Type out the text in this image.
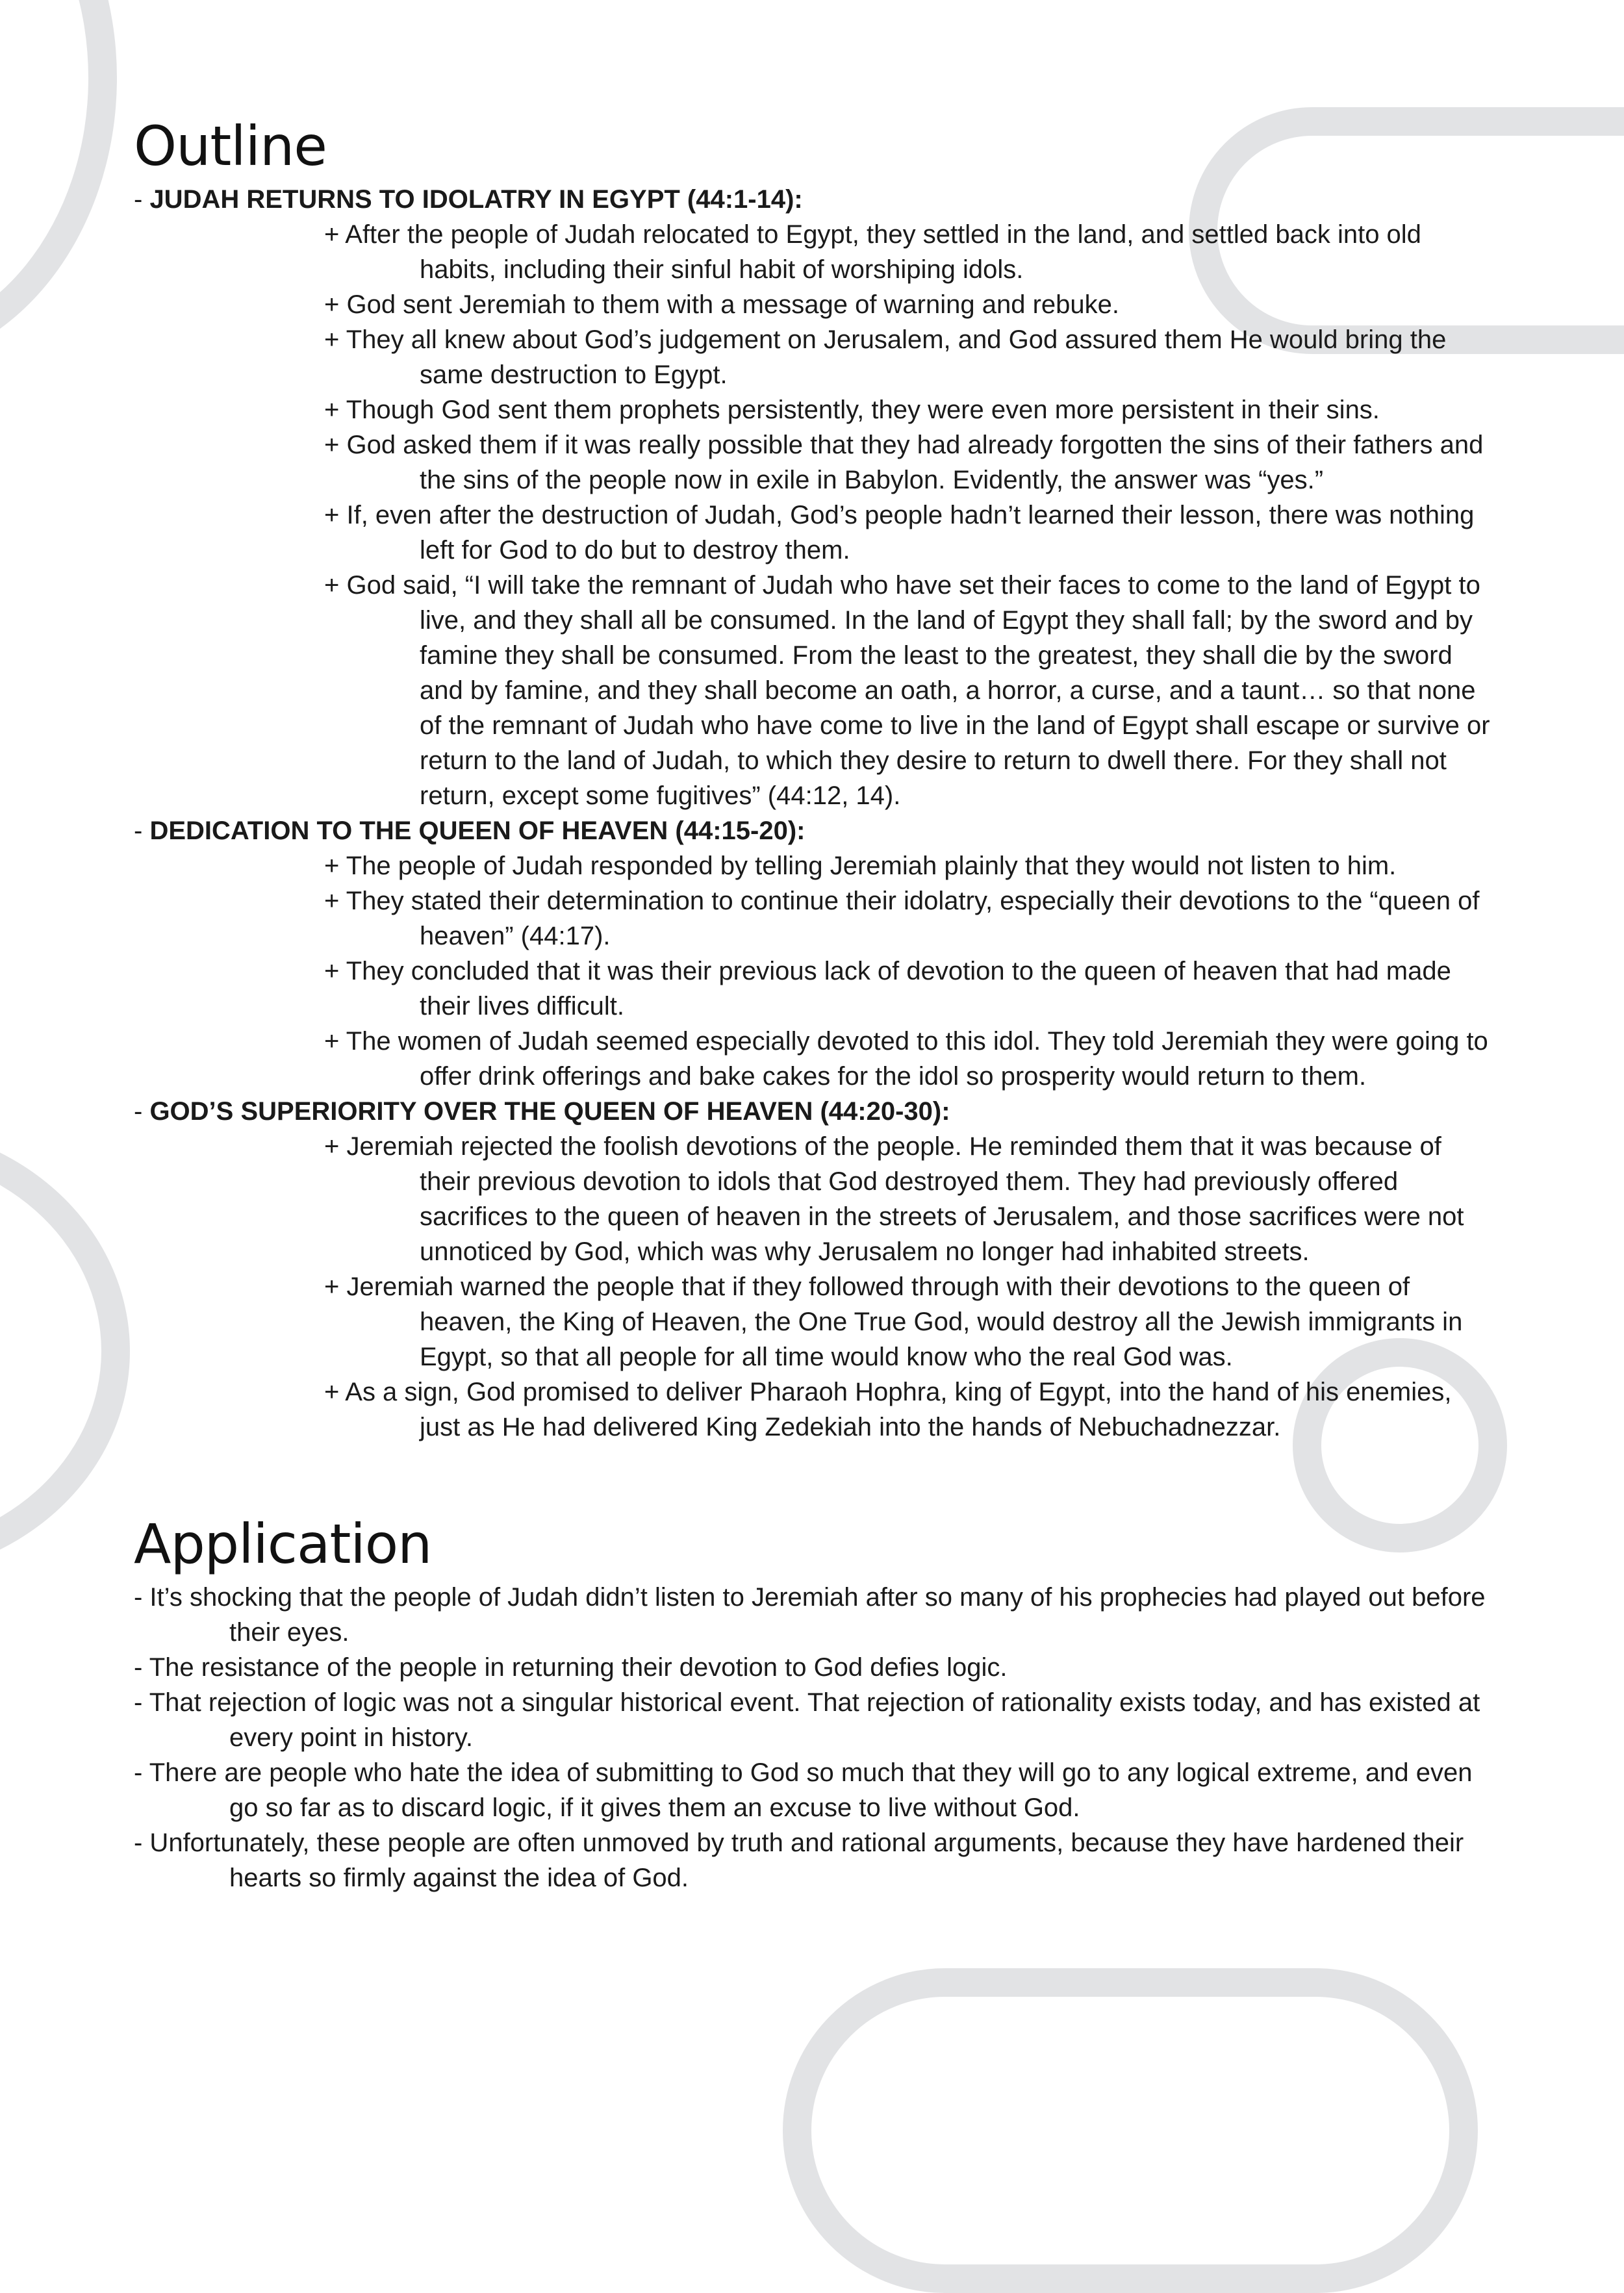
Outline

- JUDAH RETURNS TO IDOLATRY IN EGYPT (44:1-14):

+ After the people of Judah relocated to Egypt, they settled in the land, and settled back into old habits, including their sinful habit of worshiping idols.

+ God sent Jeremiah to them with a message of warning and rebuke.

+ They all knew about God’s judgement on Jerusalem, and God assured them He would bring the same destruction to Egypt.

+ Though God sent them prophets persistently, they were even more persistent in their sins.

+ God asked them if it was really possible that they had already forgotten the sins of their fathers and the sins of the people now in exile in Babylon. Evidently, the answer was “yes.”

+ If, even after the destruction of Judah, God’s people hadn’t learned their lesson, there was nothing left for God to do but to destroy them.

+ God said, “I will take the remnant of Judah who have set their faces to come to the land of Egypt to live, and they shall all be consumed. In the land of Egypt they shall fall; by the sword and by famine they shall be consumed. From the least to the greatest, they shall die by the sword and by famine, and they shall become an oath, a horror, a curse, and a taunt… so that none of the remnant of Judah who have come to live in the land of Egypt shall escape or survive or return to the land of Judah, to which they desire to return to dwell there. For they shall not return, except some fugitives” (44:12, 14).

- DEDICATION TO THE QUEEN OF HEAVEN (44:15-20):

+ The people of Judah responded by telling Jeremiah plainly that they would not listen to him.

+ They stated their determination to continue their idolatry, especially their devotions to the “queen of heaven” (44:17).

+ They concluded that it was their previous lack of devotion to the queen of heaven that had made their lives difficult.

+ The women of Judah seemed especially devoted to this idol. They told Jeremiah they were going to offer drink offerings and bake cakes for the idol so prosperity would return to them.

- GOD’S SUPERIORITY OVER THE QUEEN OF HEAVEN (44:20-30):

+ Jeremiah rejected the foolish devotions of the people. He reminded them that it was because of their previous devotion to idols that God destroyed them. They had previously offered sacrifices to the queen of heaven in the streets of Jerusalem, and those sacrifices were not unnoticed by God, which was why Jerusalem no longer had inhabited streets.

+ Jeremiah warned the people that if they followed through with their devotions to the queen of heaven, the King of Heaven, the One True God, would destroy all the Jewish immigrants in Egypt, so that all people for all time would know who the real God was.

+ As a sign, God promised to deliver Pharaoh Hophra, king of Egypt, into the hand of his enemies, just as He had delivered King Zedekiah into the hands of Nebuchadnezzar.

Application

- It’s shocking that the people of Judah didn’t listen to Jeremiah after so many of his prophecies had played out before their eyes.

- The resistance of the people in returning their devotion to God defies logic.

- That rejection of logic was not a singular historical event. That rejection of rationality exists today, and has existed at every point in history.

- There are people who hate the idea of submitting to God so much that they will go to any logical extreme, and even go so far as to discard logic, if it gives them an excuse to live without God.

- Unfortunately, these people are often unmoved by truth and rational arguments, because they have hardened their hearts so firmly against the idea of God.
